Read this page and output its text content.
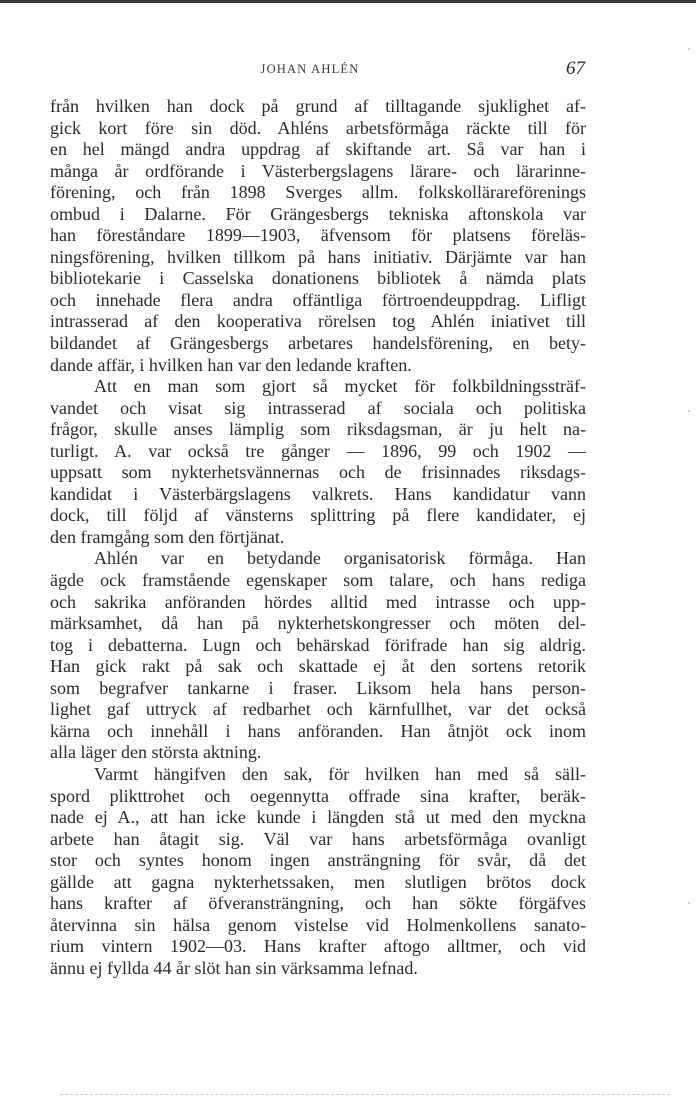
JOHAN AHLÉN	67
från hvilken han dock på grund af tilltagande sjuklighet af-
gick kort före sin död. Ahléns arbetsförmåga räckte till för
en hel mängd andra uppdrag af skiftande art. Så var han i
många år ordförande i Västerbergslagens lärare- och lärarinne-
förening, och från 1898 Sverges allm. folkskollärareförenings
ombud i Dalarne. För Grängesbergs tekniska aftonskola var
han föreståndare 1899—1903, äfvensom för platsens föreläs-
ningsförening, hvilken tillkom på hans initiativ. Därjämte var han
bibliotekarie i Casselska donationens bibliotek å nämda plats
och innehade flera andra offäntliga förtroendeuppdrag. Lifligt
intrasserad af den kooperativa rörelsen tog Ahlén iniativet till
bildandet af Grängesbergs arbetares handelsförening, en bety-
dande affär, i hvilken han var den ledande kraften.
Att en man som gjort så mycket för folkbildningssträf-
vandet och visat sig intrasserad af sociala och politiska
frågor, skulle anses lämplig som riksdagsman, är ju helt na-
turligt. A. var också tre gånger — 1896, 99 och 1902 —
uppsatt som nykterhetsvännernas och de frisinnades riksdags-
kandidat i Västerbärgslagens valkrets. Hans kandidatur vann
dock, till följd af vänsterns splittring på flere kandidater, ej
den framgång som den förtjänat.
Ahlén var en betydande organisatorisk förmåga. Han
ägde ock framstående egenskaper som talare, och hans rediga
och sakrika anföranden hördes alltid med intrasse och upp-
märksamhet, då han på nykterhetskongresser och möten del-
tog i debatterna. Lugn och behärskad förifrade han sig aldrig.
Han gick rakt på sak och skattade ej åt den sortens retorik
som begrafver tankarne i fraser. Liksom hela hans person-
lighet gaf uttryck af redbarhet och kärnfullhet, var det också
kärna och innehåll i hans anföranden. Han åtnjöt ock inom
alla läger den största aktning.
Varmt hängifven den sak, för hvilken han med så säll-
spord plikttrohet och oegennytta offrade sina krafter, beräk-
nade ej A., att han icke kunde i längden stå ut med den myckna
arbete han åtagit sig. Väl var hans arbetsförmåga ovanligt
stor och syntes honom ingen ansträngning för svår, då det
gällde att gagna nykterhetssaken, men slutligen brötos dock
hans krafter af öfveransträngning, och han sökte förgäfves
återvinna sin hälsa genom vistelse vid Holmenkollens sanato-
rium vintern 1902—03. Hans krafter aftogo alltmer, och vid
ännu ej fyllda 44 år slöt han sin värksamma lefnad.
